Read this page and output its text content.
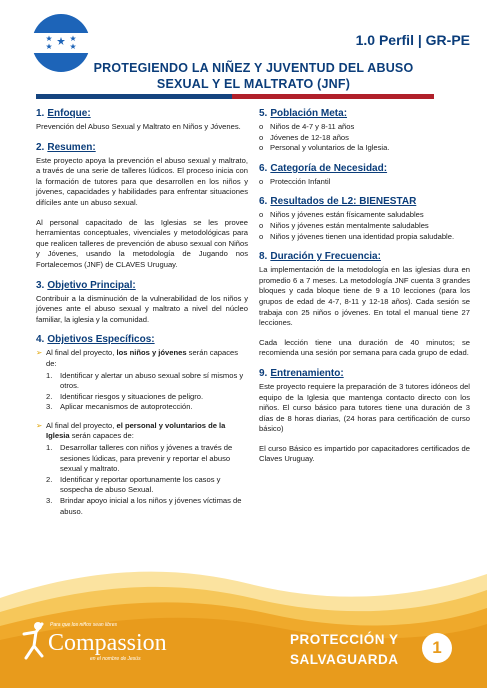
1.0 Perfil | GR-PE
PROTEGIENDO LA NIÑEZ Y JUVENTUD DEL ABUSO
SEXUAL Y EL MALTRATO (JNF)
1. Enfoque:
Prevención del Abuso Sexual y Maltrato en Niños y Jóvenes.
2. Resumen:
Este proyecto apoya la prevención el abuso sexual y maltrato, a través de una serie de talleres lúdicos. El proceso inicia con la formación de tutores para que desarrollen en los niños y jóvenes, capacidades y habilidades para enfrentar situaciones difíciles ante un abuso sexual.
Al personal capacitado de las Iglesias se les provee herramientas conceptuales, vivenciales y metodológicas para que realicen talleres de prevención de abuso sexual con Niños y Jóvenes, usando la metodología de Jugando nos Fortalecemos (JNF) de CLAVES Uruguay.
3. Objetivo Principal:
Contribuir a la disminución de la vulnerabilidad de los niños y jóvenes ante el abuso sexual y maltrato a nivel del núcleo familiar, la iglesia y la comunidad.
4. Objetivos Específicos:
➢ Al final del proyecto, los niños y jóvenes serán capaces de:
1. Identificar y alertar un abuso sexual sobre sí mismos y otros.
2. Identificar riesgos y situaciones de peligro.
3. Aplicar mecanismos de autoprotección.
➢ Al final del proyecto, el personal y voluntarios de la Iglesia serán capaces de:
1. Desarrollar talleres con niños y jóvenes a través de sesiones lúdicas, para prevenir y reportar el abuso sexual y maltrato.
2. Identificar y reportar oportunamente los casos y sospecha de abuso Sexual.
3. Brindar apoyo inicial a los niños y jóvenes víctimas de abuso.
5. Población Meta:
o Niños de 4-7 y 8-11 años
o Jóvenes de 12-18 años
o Personal y voluntarios de la Iglesia.
6. Categoría de Necesidad:
o Protección Infantil
6. Resultados de L2: BIENESTAR
o Niños y jóvenes están físicamente saludables
o Niños y jóvenes están mentalmente saludables
o Niños y jóvenes tienen una identidad propia saludable.
8. Duración y Frecuencia:
La implementación de la metodología en las iglesias dura en promedio 6 a 7 meses. La metodología JNF cuenta 3 grandes bloques y cada bloque tiene de 9 a 10 lecciones (para los grupos de edad de 4-7, 8-11 y 12-18 años). Cada sesión se trabaja con 25 niños o jóvenes. En total el manual tiene 27 lecciones.
Cada lección tiene una duración de 40 minutos; se recomienda una sesión por semana para cada grupo de edad.
9. Entrenamiento:
Este proyecto requiere la preparación de 3 tutores idóneos del equipo de la Iglesia que mantenga contacto directo con los niños. El curso básico para tutores tiene una duración de 3 días de 8 horas diarias, (24 horas para certificación de curso básico)
El curso Básico es impartido por capacitadores certificados de Claves Uruguay.
Para que los niños sean libres
Compassion
en el nombre de Jesús
PROTECCIÓN Y
SALVAGUARDA
1
